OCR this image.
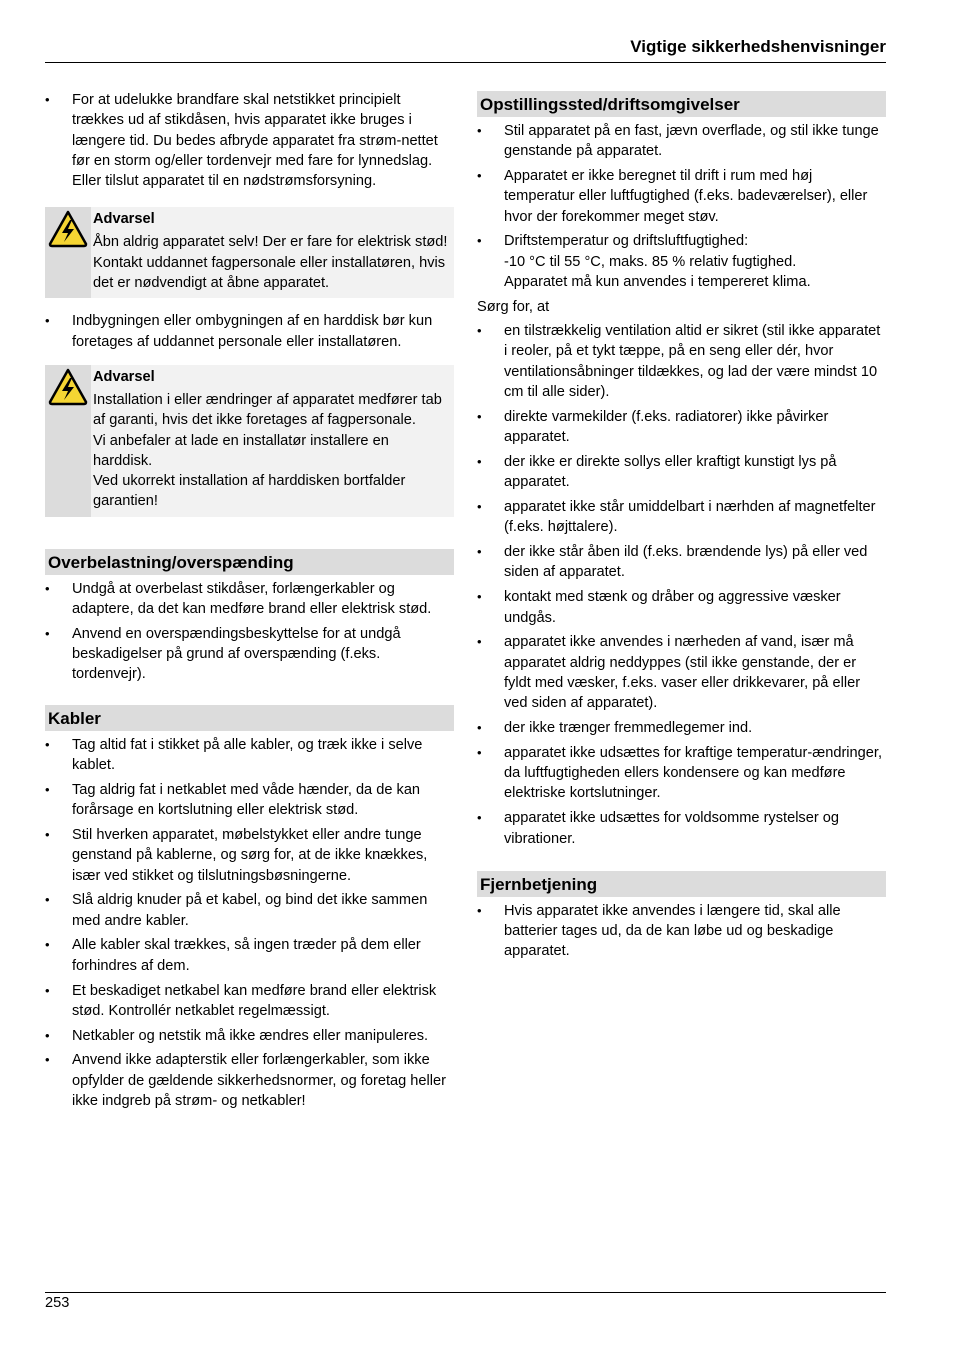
Vigtige sikkerhedshenvisninger
• For at udelukke brandfare skal netstikket principielt trækkes ud af stikdåsen, hvis apparatet ikke bruges i længere tid. Du bedes afbryde apparatet fra strøm-nettet før en storm og/eller tordenvejr med fare for lynnedslag. Eller tilslut apparatet til en nødstrømsforsyning.
Advarsel
Åbn aldrig apparatet selv! Der er fare for elektrisk stød!
Kontakt uddannet fagpersonale eller installatøren, hvis det er nødvendigt at åbne apparatet.
• Indbygningen eller ombygningen af en harddisk bør kun foretages af uddannet personale eller installatøren.
Advarsel
Installation i eller ændringer af apparatet medfører tab af garanti, hvis det ikke foretages af fagpersonale.
Vi anbefaler at lade en installatør installere en harddisk.
Ved ukorrekt installation af harddisken bortfalder garantien!
Overbelastning/overspænding
• Undgå at overbelast stikdåser, forlængerkabler og adaptere, da det kan medføre brand eller elektrisk stød.
• Anvend en overspændingsbeskyttelse for at undgå beskadigelser på grund af overspænding (f.eks. tordenvejr).
Kabler
• Tag altid fat i stikket på alle kabler, og træk ikke i selve kablet.
• Tag aldrig fat i netkablet med våde hænder, da de kan forårsage en kortslutning eller elektrisk stød.
• Stil hverken apparatet, møbelstykket eller andre tunge genstand på kablerne, og sørg for, at de ikke knækkes, især ved stikket og tilslutningsbøsningerne.
• Slå aldrig knuder på et kabel, og bind det ikke sammen med andre kabler.
• Alle kabler skal trækkes, så ingen træder på dem eller forhindres af dem.
• Et beskadiget netkabel kan medføre brand eller elektrisk stød. Kontrollér netkablet regelmæssigt.
• Netkabler og netstik må ikke ændres eller manipuleres.
• Anvend ikke adapterstik eller forlængerkabler, som ikke opfylder de gældende sikkerhedsnormer, og foretag heller ikke indgreb på strøm- og netkabler!
Opstillingssted/driftsomgivelser
• Stil apparatet på en fast, jævn overflade, og stil ikke tunge genstande på apparatet.
• Apparatet er ikke beregnet til drift i rum med høj temperatur eller luftfugtighed (f.eks. badeværelser), eller hvor der forekommer meget støv.
• Driftstemperatur og driftsluftfugtighed:
-10 °C til 55 °C, maks. 85 % relativ fugtighed.
Apparatet må kun anvendes i tempereret klima.
Sørg for, at
• en tilstrækkelig ventilation altid er sikret (stil ikke apparatet i reoler, på et tykt tæppe, på en seng eller dér, hvor ventilationsåbninger tildækkes, og lad der være mindst 10 cm til alle sider).
• direkte varmekilder (f.eks. radiatorer) ikke påvirker apparatet.
• der ikke er direkte sollys eller kraftigt kunstigt lys på apparatet.
• apparatet ikke står umiddelbart i nærhden af magnetfelter (f.eks. højttalere).
• der ikke står åben ild (f.eks. brændende lys) på eller ved siden af apparatet.
• kontakt med stænk og dråber og aggressive væsker undgås.
• apparatet ikke anvendes i nærheden af vand, især må apparatet aldrig neddyppes (stil ikke genstande, der er fyldt med væsker, f.eks. vaser eller drikkevarer, på eller ved siden af apparatet).
• der ikke trænger fremmedlegemer ind.
• apparatet ikke udsættes for kraftige temperatur-ændringer, da luftfugtigheden ellers kondensere og kan medføre elektriske kortslutninger.
• apparatet ikke udsættes for voldsomme rystelser og vibrationer.
Fjernbetjening
• Hvis apparatet ikke anvendes i længere tid, skal alle batterier tages ud, da de kan løbe ud og beskadige apparatet.
253
